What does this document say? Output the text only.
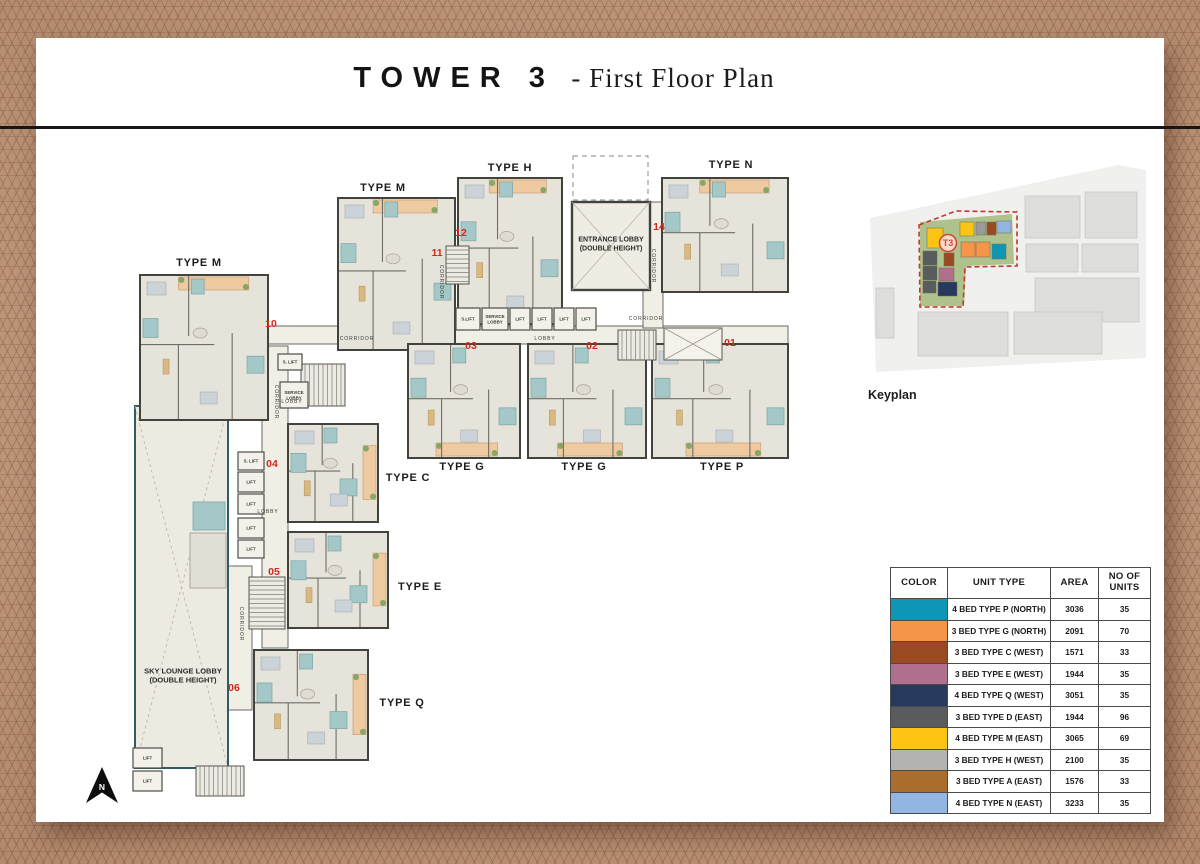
TOWER 3 - First Floor Plan
SKY LOUNGE LOBBY (DOUBLE HEIGHT)
TYPE M
TYPE H	TYPE N
TYPE M
TYPE C
TYPE E
TYPE Q
TYPE G	TYPE G	TYPE P
ENTRANCE LOBBY (DOUBLE HEIGHT)
S.LIFT
SERVICE LOBBY
LIFT	LIFT	LIFT	LIFT
S. LIFT
LIFT
LIFT
LIFT
LIFT
LIFT
LIFT
S. LIFT
SERVICE LOBBY
CORRIDOR	LOBBY
CORRIDOR
CORRIDOR
CORRIDOR
CORRIDOR
CORRIDOR
LOBBY
LOBBY
01
02
03
04
05
06
10
11
12	14
N
T3
Keyplan
COLOR	UNIT TYPE	AREA	NO OF UNITS
	4 BED TYPE P (NORTH)	3036	35
	3 BED TYPE G (NORTH)	2091	70
	3 BED TYPE C (WEST)	1571	33
	3 BED TYPE E (WEST)	1944	35
	4 BED TYPE Q (WEST)	3051	35
	3 BED TYPE D (EAST)	1944	96
	4 BED TYPE M (EAST)	3065	69
	3 BED TYPE H (WEST)	2100	35
	3 BED TYPE A (EAST)	1576	33
	4 BED TYPE N (EAST)	3233	35
